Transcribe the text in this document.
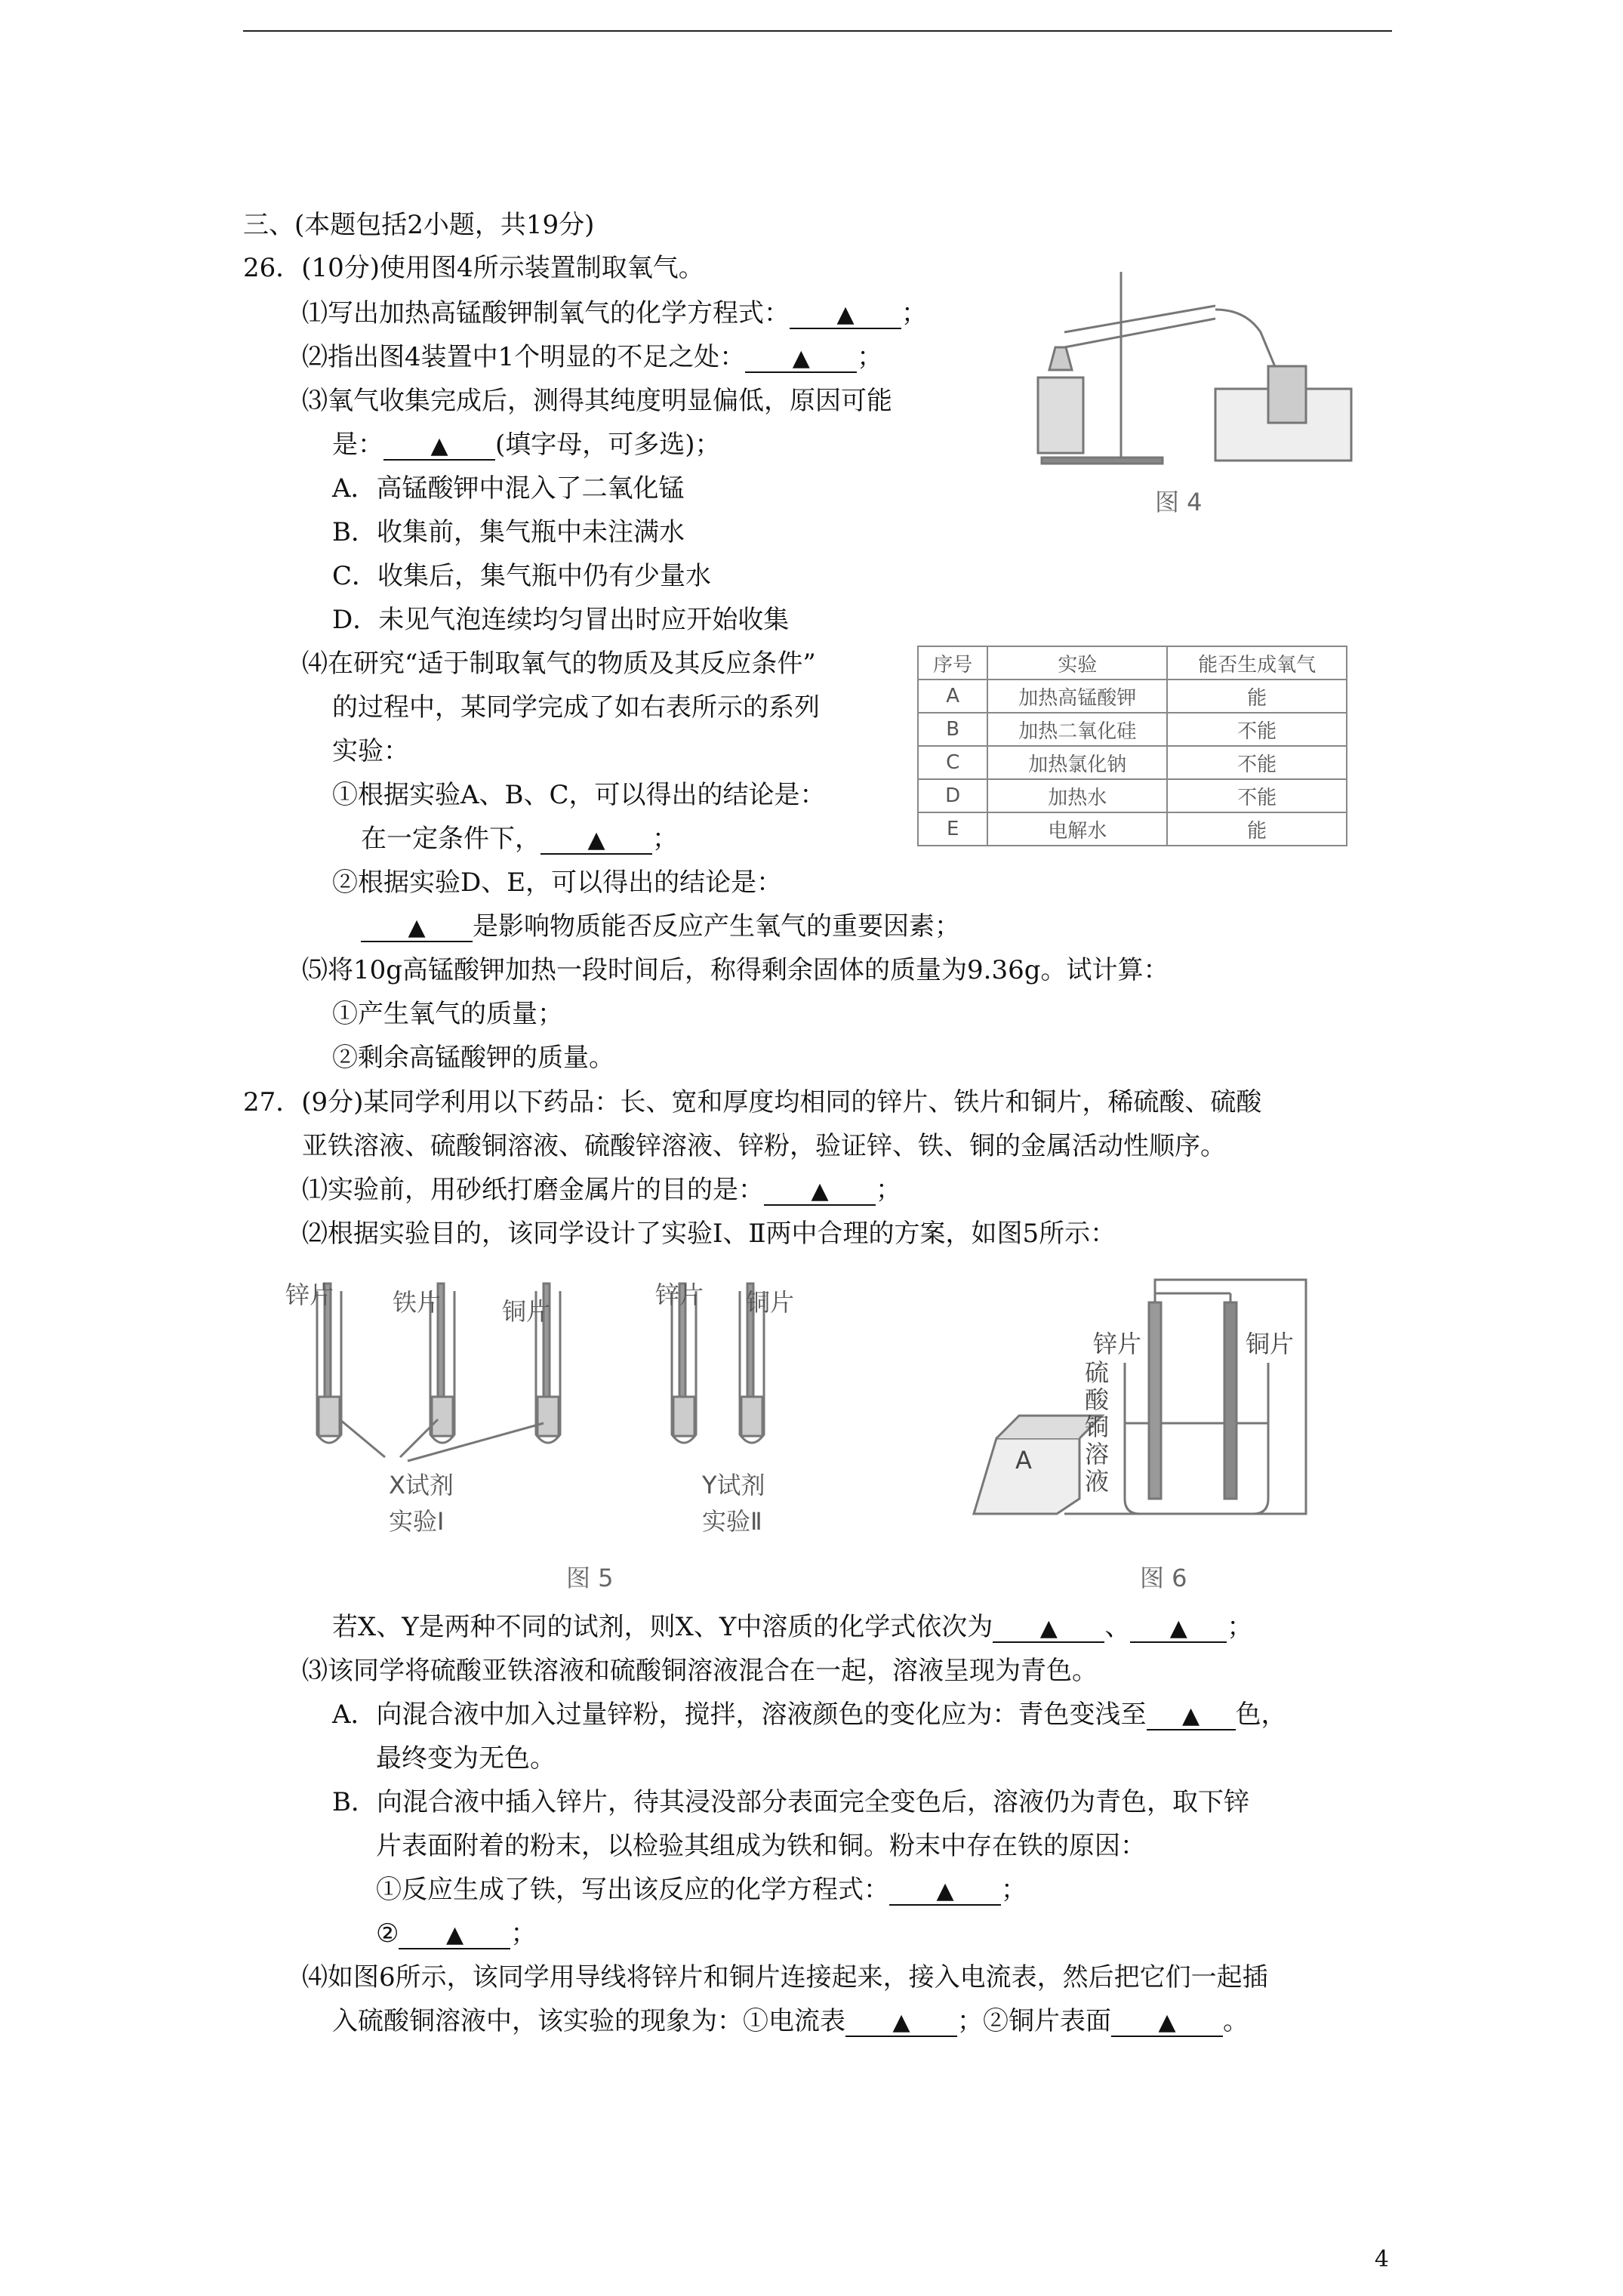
三、(本题包括2小题，共19分)
26．(10分)使用图4所示装置制取氧气。
⑴写出加热高锰酸钾制氧气的化学方程式： ▲ ；
⑵指出图4装置中1个明显的不足之处： ▲ ；
⑶氧气收集完成后，测得其纯度明显偏低，原因可能
是： ▲ (填字母，可多选)；
A．高锰酸钾中混入了二氧化锰
B．收集前，集气瓶中未注满水
C．收集后，集气瓶中仍有少量水
D．未见气泡连续均匀冒出时应开始收集
⑷在研究“适于制取氧气的物质及其反应条件”
的过程中，某同学完成了如右表所示的系列
实验：
①根据实验A、B、C，可以得出的结论是：
在一定条件下， ▲ ；
②根据实验D、E，可以得出的结论是：
▲ 是影响物质能否反应产生氧气的重要因素；
⑸将10g高锰酸钾加热一段时间后，称得剩余固体的质量为9.36g。试计算：
①产生氧气的质量；
②剩余高锰酸钾的质量。
图 4
序号	实验	能否生成氧气
A	加热高锰酸钾	能
B	加热二氧化硅	不能
C	加热氯化钠	不能
D	加热水	不能
E	电解水	能
27．(9分)某同学利用以下药品：长、宽和厚度均相同的锌片、铁片和铜片，稀硫酸、硫酸
亚铁溶液、硫酸铜溶液、硫酸锌溶液、锌粉，验证锌、铁、铜的金属活动性顺序。
⑴实验前，用砂纸打磨金属片的目的是： ▲ ；
⑵根据实验目的，该同学设计了实验Ⅰ、Ⅱ两中合理的方案，如图5所示：
锌片 铁片	铜片
锌片 铜片
X试剂
实验Ⅰ
Y试剂
实验Ⅱ
图 5
锌片	铜片
硫
酸
铜
溶
液
A
图 6
若X、Y是两种不同的试剂，则X、Y中溶质的化学式依次为 ▲ 、 ▲ ；
⑶该同学将硫酸亚铁溶液和硫酸铜溶液混合在一起，溶液呈现为青色。
A．向混合液中加入过量锌粉，搅拌，溶液颜色的变化应为：青色变浅至 ▲ 色，
最终变为无色。
B．向混合液中插入锌片，待其浸没部分表面完全变色后，溶液仍为青色，取下锌
片表面附着的粉末，以检验其组成为铁和铜。粉末中存在铁的原因：
①反应生成了铁，写出该反应的化学方程式： ▲ ；
② ▲ ；
⑷如图6所示，该同学用导线将锌片和铜片连接起来，接入电流表，然后把它们一起插
入硫酸铜溶液中，该实验的现象为：①电流表 ▲ ；②铜片表面 ▲ 。
4
